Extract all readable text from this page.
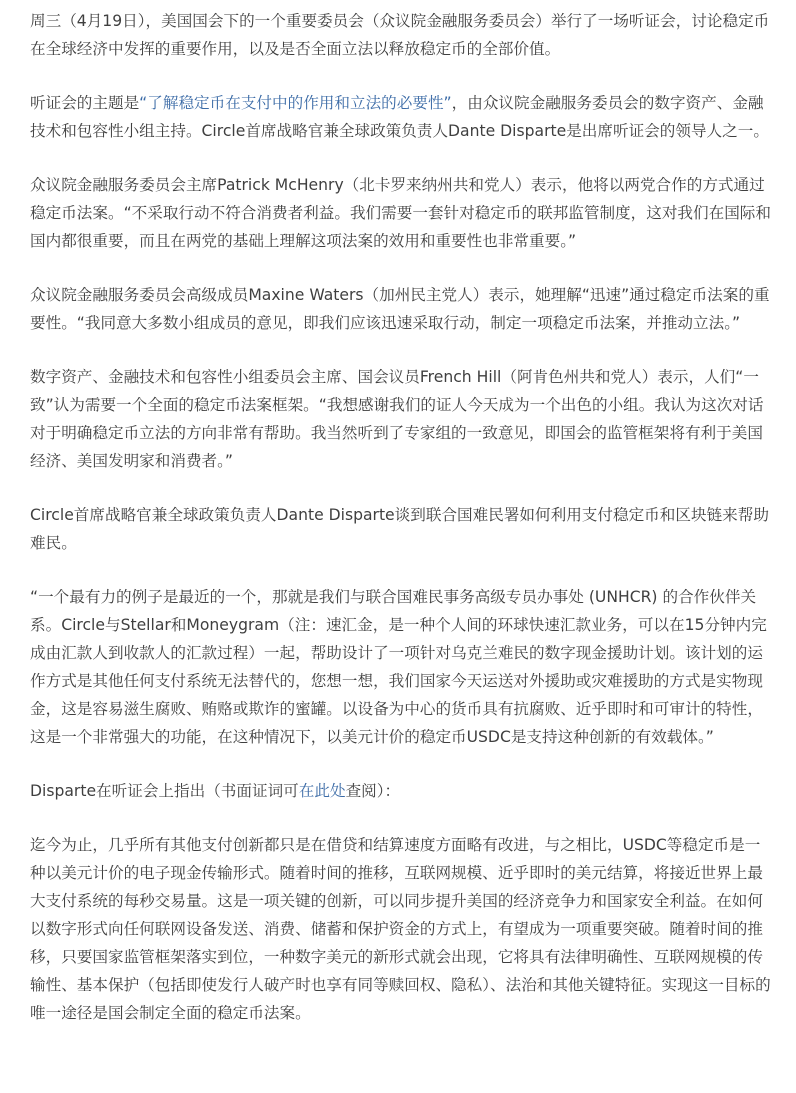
周三（4月19日），美国国会下的一个重要委员会（众议院金融服务委员会）举行了一场听证会，讨论稳定币在全球经济中发挥的重要作用，以及是否全面立法以释放稳定币的全部价值。

听证会的主题是“了解稳定币在支付中的作用和立法的必要性”，由众议院金融服务委员会的数字资产、金融技术和包容性小组主持。Circle首席战略官兼全球政策负责人Dante Disparte是出席听证会的领导人之一。

众议院金融服务委员会主席Patrick McHenry（北卡罗来纳州共和党人）表示，他将以两党合作的方式通过稳定币法案。“不采取行动不符合消费者利益。我们需要一套针对稳定币的联邦监管制度，这对我们在国际和国内都很重要，而且在两党的基础上理解这项法案的效用和重要性也非常重要。”

众议院金融服务委员会高级成员Maxine Waters（加州民主党人）表示，她理解“迅速”通过稳定币法案的重要性。“我同意大多数小组成员的意见，即我们应该迅速采取行动，制定一项稳定币法案，并推动立法。”

数字资产、金融技术和包容性小组委员会主席、国会议员French Hill（阿肯色州共和党人）表示，人们“一致”认为需要一个全面的稳定币法案框架。“我想感谢我们的证人今天成为一个出色的小组。我认为这次对话对于明确稳定币立法的方向非常有帮助。我当然听到了专家组的一致意见，即国会的监管框架将有利于美国经济、美国发明家和消费者。”

Circle首席战略官兼全球政策负责人Dante Disparte谈到联合国难民署如何利用支付稳定币和区块链来帮助难民。

“一个最有力的例子是最近的一个，那就是我们与联合国难民事务高级专员办事处 (UNHCR) 的合作伙伴关系。Circle与Stellar和Moneygram（注：速汇金，是一种个人间的环球快速汇款业务，可以在15分钟内完成由汇款人到收款人的汇款过程）一起，帮助设计了一项针对乌克兰难民的数字现金援助计划。该计划的运作方式是其他任何支付系统无法替代的，您想一想，我们国家今天运送对外援助或灾难援助的方式是实物现金，这是容易滋生腐败、贿赂或欺诈的蜜罐。以设备为中心的货币具有抗腐败、近乎即时和可审计的特性，这是一个非常强大的功能，在这种情况下，以美元计价的稳定币USDC是支持这种创新的有效载体。”

Disparte在听证会上指出（书面证词可在此处查阅）：

迄今为止，几乎所有其他支付创新都只是在借贷和结算速度方面略有改进，与之相比，USDC等稳定币是一种以美元计价的电子现金传输形式。随着时间的推移，互联网规模、近乎即时的美元结算，将接近世界上最大支付系统的每秒交易量。这是一项关键的创新，可以同步提升美国的经济竞争力和国家安全利益。在如何以数字形式向任何联网设备发送、消费、储蓄和保护资金的方式上，有望成为一项重要突破。随着时间的推移，只要国家监管框架落实到位，一种数字美元的新形式就会出现，它将具有法律明确性、互联网规模的传输性、基本保护（包括即使发行人破产时也享有同等赎回权、隐私）、法治和其他关键特征。实现这一目标的唯一途径是国会制定全面的稳定币法案。
